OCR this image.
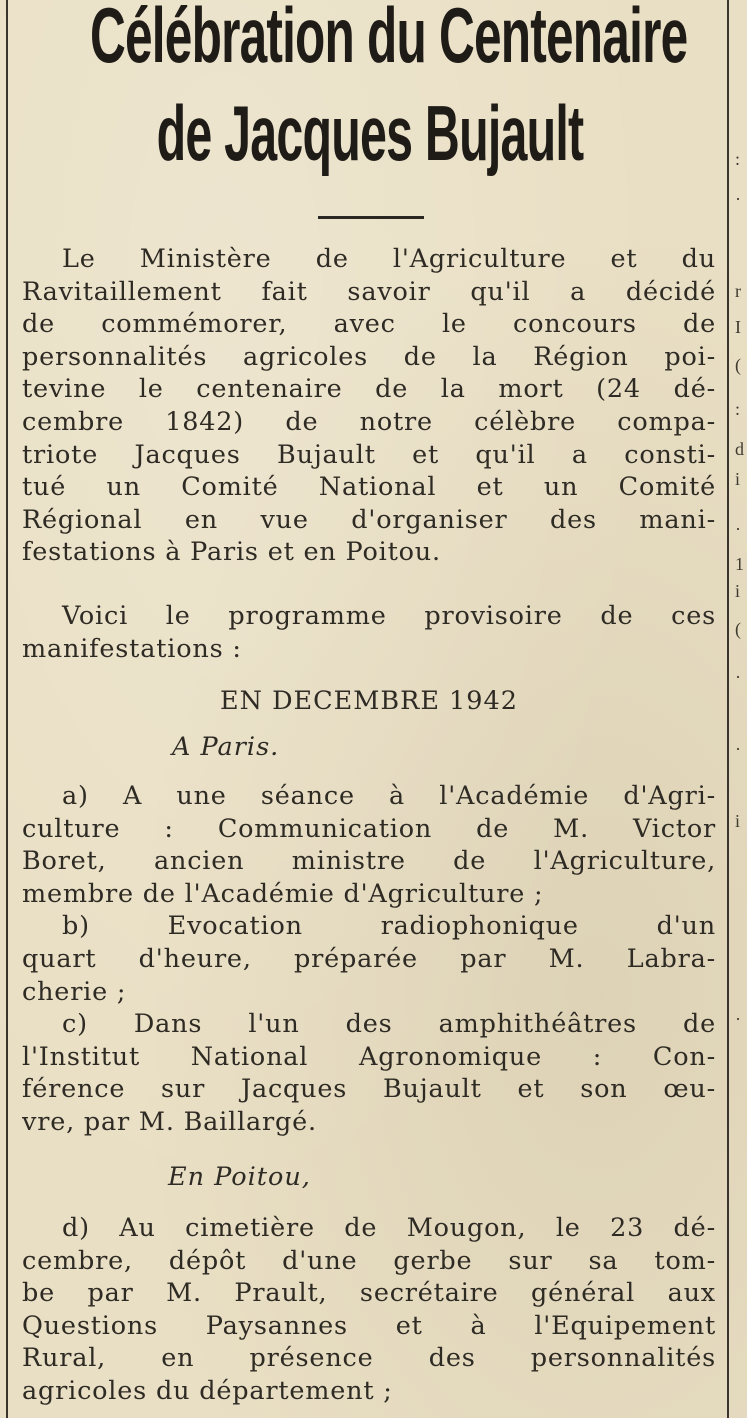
:
·
r
I
(
:
d
i
·
1
i
(
·
·
i
·
Célébration du Centenaire
de Jacques Bujault
Le Ministère de l'Agriculture et du
Ravitaillement fait savoir qu'il a décidé
de commémorer, avec le concours de
personnalités agricoles de la Région poi-
tevine le centenaire de la mort (24 dé-
cembre 1842) de notre célèbre compa-
triote Jacques Bujault et qu'il a consti-
tué un Comité National et un Comité
Régional en vue d'organiser des mani-
festations à Paris et en Poitou.
Voici le programme provisoire de ces
manifestations :
EN DECEMBRE 1942
A Paris.
a) A une séance à l'Académie d'Agri-
culture : Communication de M. Victor
Boret, ancien ministre de l'Agriculture,
membre de l'Académie d'Agriculture ;
b) Evocation radiophonique d'un
quart d'heure, préparée par M. Labra-
cherie ;
c) Dans l'un des amphithéâtres de
l'Institut National Agronomique : Con-
férence sur Jacques Bujault et son œu-
vre, par M. Baillargé.
En Poitou,
d) Au cimetière de Mougon, le 23 dé-
cembre, dépôt d'une gerbe sur sa tom-
be par M. Prault, secrétaire général aux
Questions Paysannes et à l'Equipement
Rural, en présence des personnalités
agricoles du département ;
